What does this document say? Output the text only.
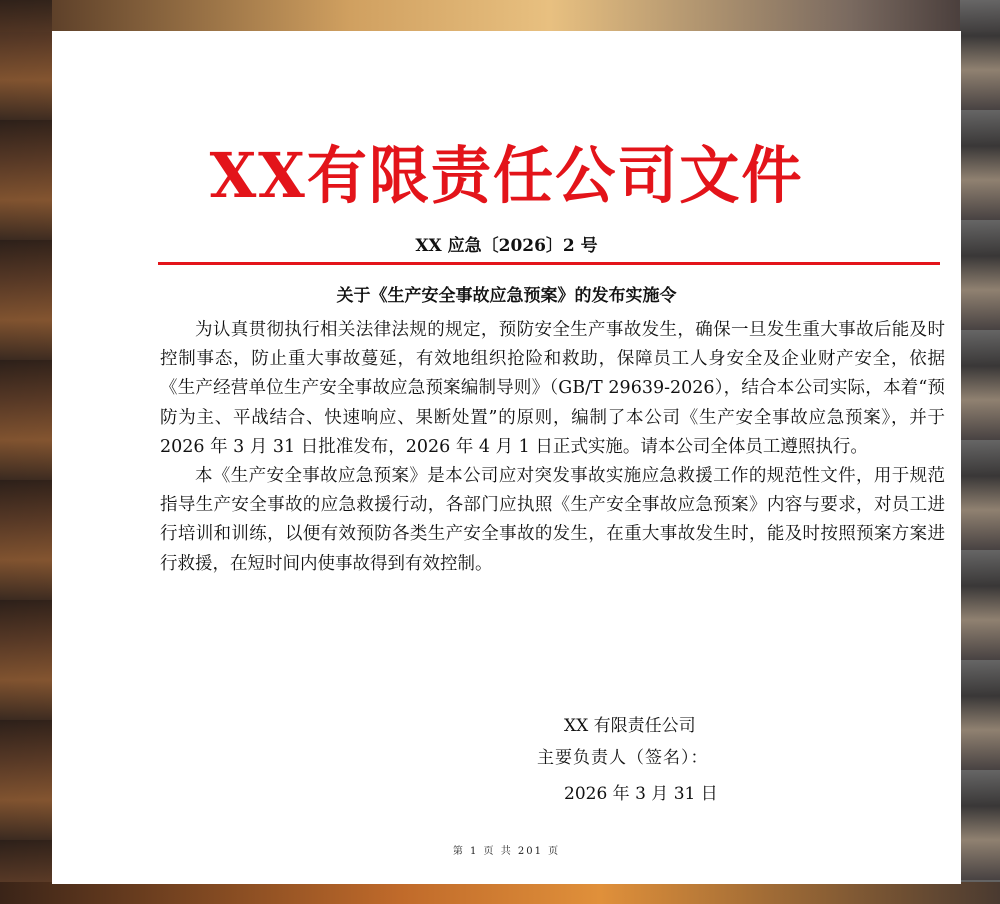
XX有限责任公司文件
XX 应急〔2026〕2 号
关于《生产安全事故应急预案》的发布实施令

为认真贯彻执行相关法律法规的规定，预防安全生产事故发生，确保一旦发生重大事故后能及时控制事态，防止重大事故蔓延，有效地组织抢险和救助，保障员工人身安全及企业财产安全，依据《生产经营单位生产安全事故应急预案编制导则》（GB/T 29639-2026），结合本公司实际，本着“预防为主、平战结合、快速响应、果断处置”的原则，编制了本公司《生产安全事故应急预案》，并于 2026 年 3 月 31 日批准发布，2026 年 4 月 1 日正式实施。请本公司全体员工遵照执行。

本《生产安全事故应急预案》是本公司应对突发事故实施应急救援工作的规范性文件，用于规范指导生产安全事故的应急救援行动，各部门应执照《生产安全事故应急预案》内容与要求，对员工进行培训和训练，以便有效预防各类生产安全事故的发生，在重大事故发生时，能及时按照预案方案进行救援，在短时间内使事故得到有效控制。

XX 有限责任公司
主要负责人（签名）：
2026 年 3 月 31 日
第 1 页 共 201 页
